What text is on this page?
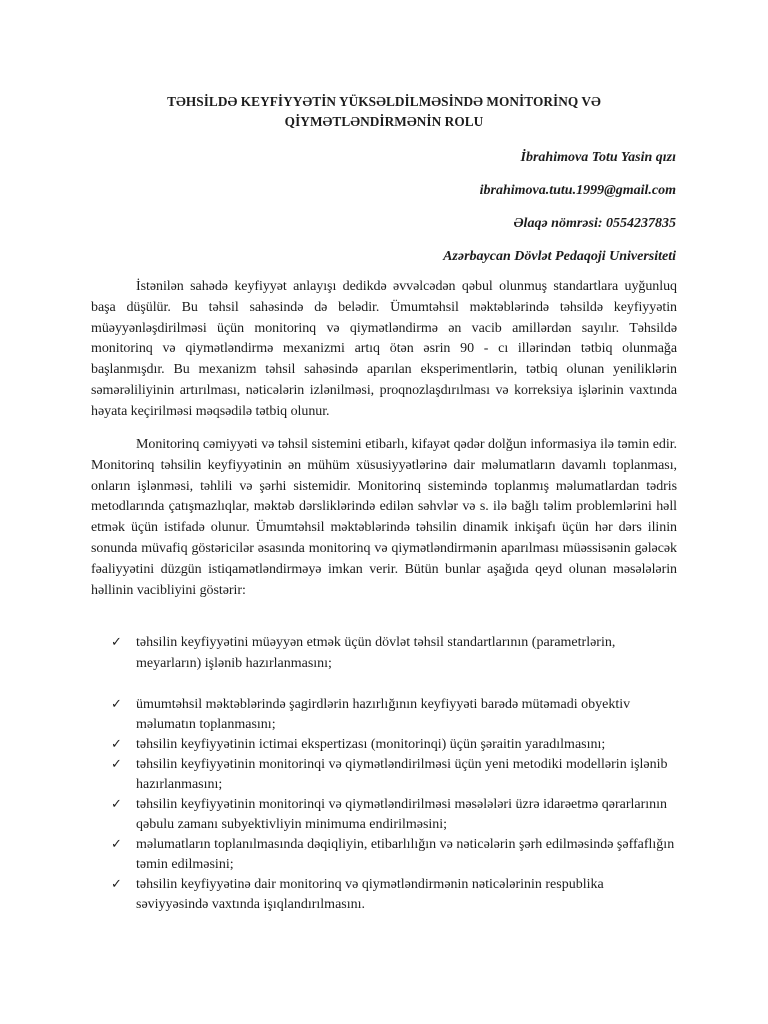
TƏHSİLDƏ KEYFİYYƏTİN YÜKSƏLDİLMƏSİNDƏ MONİTORİNQ VƏ
QİYMƏTLƏNDİRMƏNİN ROLU
İbrahimova Totu Yasin qızı
ibrahimova.tutu.1999@gmail.com
Əlaqə nömrəsi: 0554237835
Azərbaycan Dövlət Pedaqoji Universiteti

İstənilən sahədə keyfiyyət anlayışı dedikdə əvvəlcədən qəbul olunmuş standartlara uyğunluq başa düşülür. Bu təhsil sahəsində də belədir. Ümumtəhsil məktəblərində təhsildə keyfiyyətin müəyyənləşdirilməsi üçün monitorinq və qiymətləndirmə ən vacib amillərdən sayılır. Təhsildə monitorinq və qiymətləndirmə mexanizmi artıq ötən əsrin 90 - cı illərindən tətbiq olunmağa başlanmışdır. Bu mexanizm təhsil sahəsində aparılan eksperimentlərin, tətbiq olunan yeniliklərin səmərəliliyinin artırılması, nəticələrin izlənilməsi, proqnozlaşdırılması və korreksiya işlərinin vaxtında həyata keçirilməsi məqsədilə tətbiq olunur.

Monitorinq cəmiyyəti və təhsil sistemini etibarlı, kifayət qədər dolğun informasiya ilə təmin edir. Monitorinq təhsilin keyfiyyətinin ən mühüm xüsusiyyətlərinə dair məlumatların davamlı toplanması, onların işlənməsi, təhlili və şərhi sistemidir. Monitorinq sistemində toplanmış məlumatlardan tədris metodlarında çatışmazlıqlar, məktəb dərsliklərində edilən səhvlər və s. ilə bağlı təlim problemlərini həll etmək üçün istifadə olunur. Ümumtəhsil məktəblərində təhsilin dinamik inkişafı üçün hər dərs ilinin sonunda müvafiq göstəricilər əsasında monitorinq və qiymətləndirmənin aparılması müəssisənin gələcək fəaliyyətini düzgün istiqamətləndirməyə imkan verir. Bütün bunlar aşağıda qeyd olunan məsələlərin həllinin vacibliyini göstərir:

✓ təhsilin keyfiyyətini müəyyən etmək üçün dövlət təhsil standartlarının (parametrlərin, meyarların) işlənib hazırlanmasını;
✓ ümumtəhsil məktəblərində şagirdlərin hazırlığının keyfiyyəti barədə mütəmadi obyektiv məlumatın toplanmasını;
✓ təhsilin keyfiyyətinin ictimai ekspertizası (monitorinqi) üçün şəraitin yaradılmasını;
✓ təhsilin keyfiyyətinin monitorinqi və qiymətləndirilməsi üçün yeni metodiki modellərin işlənib hazırlanmasını;
✓ təhsilin keyfiyyətinin monitorinqi və qiymətləndirilməsi məsələləri üzrə idarəetmə qərarlarının qəbulu zamanı subyektivliyin minimuma endirilməsini;
✓ məlumatların toplanılmasında dəqiqliyin, etibarlılığın və nəticələrin şərh edilməsində şəffaflığın təmin edilməsini;
✓ təhsilin keyfiyyətinə dair monitorinq və qiymətləndirmənin nəticələrinin respublika səviyyəsində vaxtında işıqlandırılmasını.
